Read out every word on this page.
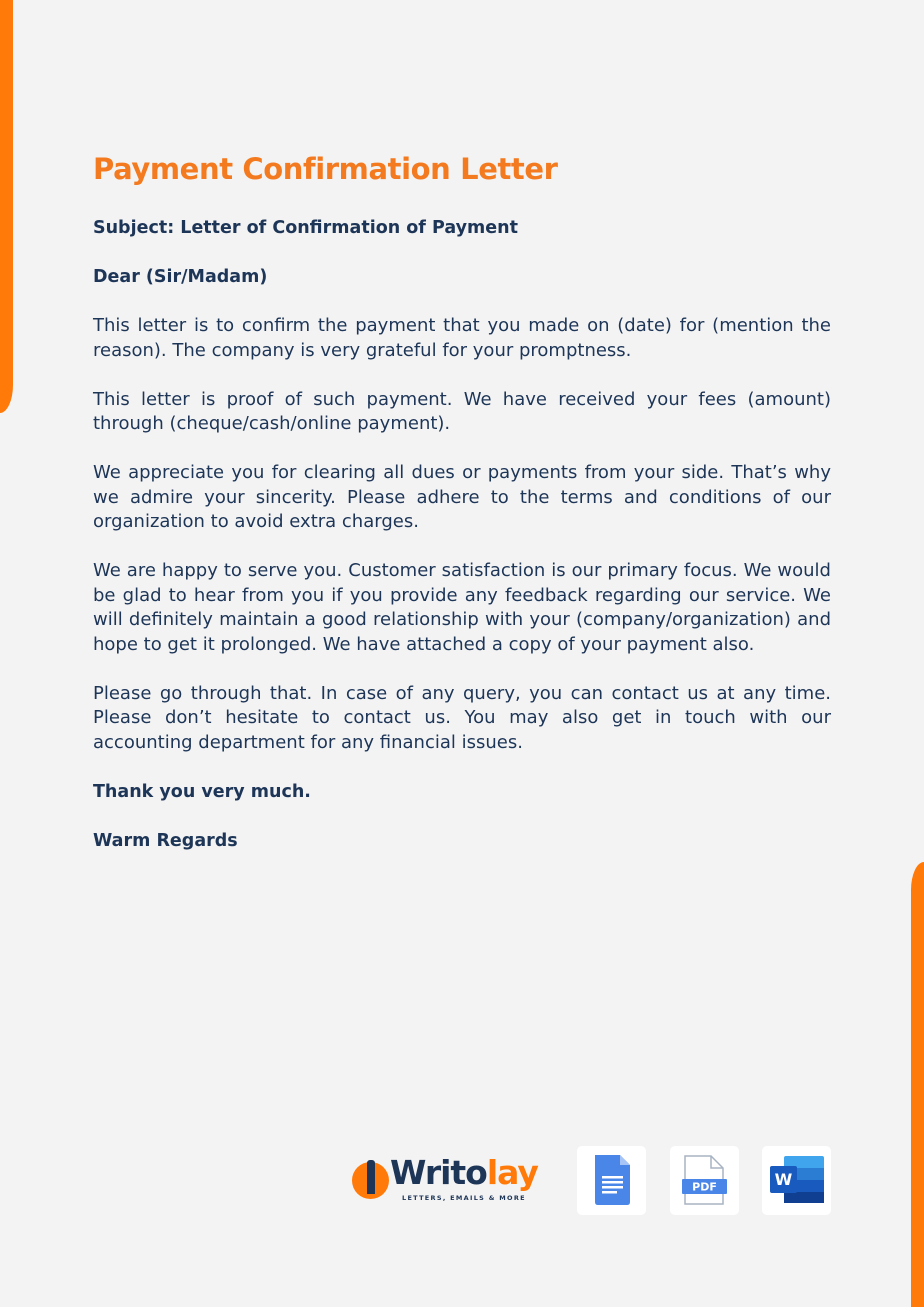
Payment Confirmation Letter

Subject: Letter of Confirmation of Payment

Dear (Sir/Madam)

This letter is to confirm the payment that you made on (date) for (mention the reason). The company is very grateful for your promptness.

This letter is proof of such payment. We have received your fees (amount) through (cheque/cash/online payment).

We appreciate you for clearing all dues or payments from your side. That’s why we admire your sincerity. Please adhere to the terms and conditions of our organization to avoid extra charges.

We are happy to serve you. Customer satisfaction is our primary focus. We would be glad to hear from you if you provide any feedback regarding our service. We will definitely maintain a good relationship with your (company/organization) and hope to get it prolonged. We have attached a copy of your payment also.

Please go through that. In case of any query, you can contact us at any time. Please don’t hesitate to contact us. You may also get in touch with our accounting department for any financial issues.

Thank you very much.

Warm Regards

Writolay
LETTERS, EMAILS & MORE
PDF	W
